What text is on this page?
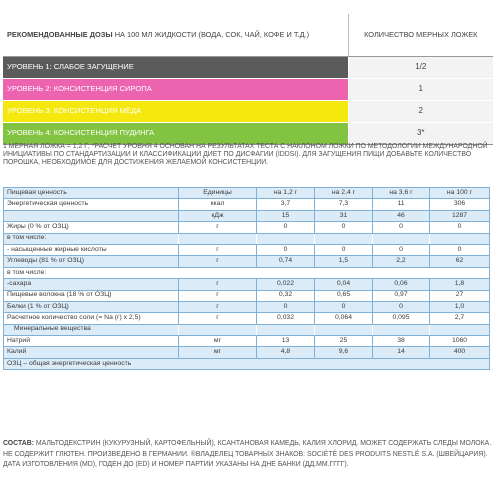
РЕКОМЕНДОВАННЫЕ ДОЗЫ НА 100 МЛ ЖИДКОСТИ (ВОДА, СОК, ЧАЙ, КОФЕ И Т.Д.)	КОЛИЧЕСТВО МЕРНЫХ ЛОЖЕК
УРОВЕНЬ 1: СЛАБОЕ ЗАГУЩЕНИЕ	1/2
УРОВЕНЬ 2: КОНСИСТЕНЦИЯ СИРОПА	1
УРОВЕНЬ 3: КОНСИСТЕНЦИЯ МЁДА	2
УРОВЕНЬ 4: КОНСИСТЕНЦИЯ ПУДИНГА	3*

1 МЕРНАЯ ЛОЖКА = 1,2 Г; *РАСЧЕТ УРОВНЯ 4 ОСНОВАН НА РЕЗУЛЬТАТАХ ТЕСТА С НАКЛОНОМ ЛОЖКИ ПО МЕТОДОЛОГИИ МЕЖДУНАРОДНОЙ ИНИЦИАТИВЫ ПО СТАНДАРТИЗАЦИИ И КЛАССИФИКАЦИИ ДИЕТ ПО ДИСФАГИИ (IDDSI). ДЛЯ ЗАГУЩЕНИЯ ПИЩИ ДОБАВЬТЕ КОЛИЧЕСТВО ПОРОШКА, НЕОБХОДИМОЕ ДЛЯ ДОСТИЖЕНИЯ ЖЕЛАЕМОЙ КОНСИСТЕНЦИИ.

Пищевая ценность	Единицы	на 1,2 г	на 2,4 г	на 3,6 г	на 100 г
Энергетическая ценность	ккал	3,7	7,3	11	306
	кДж	15	31	46	1287
Жиры (0 % от ОЗЦ)	г	0	0	0	0
в том числе:					
- насыщенные жирные кислоты	г	0	0	0	0
Углеводы (81 % от ОЗЦ)	г	0,74	1,5	2,2	62
в том числе:					
-сахара	г	0,022	0,04	0,06	1,8
Пищевые волокна (18 % от ОЗЦ)	г	0,32	0,65	0,97	27
Белки (1 % от ОЗЦ)	г	0	0	0	1,0
Расчетное количество соли (= Na (г) x 2,5)	г	0,032	0,064	0,095	2,7
Минеральные вещества					
Натрий	мг	13	25	38	1060
Калий	мг	4,8	9,6	14	400
ОЗЦ – общая энергетическая ценность					

СОСТАВ: МАЛЬТОДЕКСТРИН (КУКУРУЗНЫЙ, КАРТОФЕЛЬНЫЙ), КСАНТАНОВАЯ КАМЕДЬ, КАЛИЯ ХЛОРИД. МОЖЕТ СОДЕРЖАТЬ СЛЕДЫ МОЛОКА. НЕ СОДЕРЖИТ ГЛЮТЕН. ПРОИЗВЕДЕНО В ГЕРМАНИИ. ®ВЛАДЕЛЕЦ ТОВАРНЫХ ЗНАКОВ: SOCIÉTÉ DES PRODUITS NESTLÉ S.A. (ШВЕЙЦАРИЯ). ДАТА ИЗГОТОВЛЕНИЯ (MD), ГОДЕН ДО (ED) И НОМЕР ПАРТИИ УКАЗАНЫ НА ДНЕ БАНКИ (ДД.ММ.ГГГГ).
